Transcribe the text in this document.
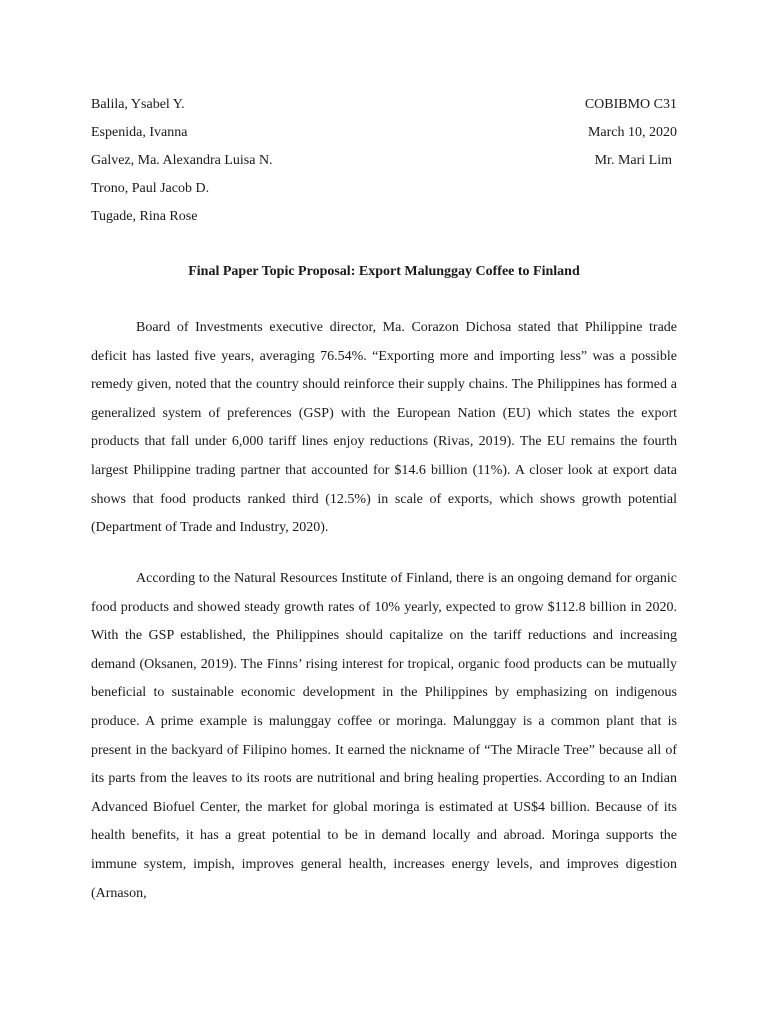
Balila, Ysabel Y.
Espenida, Ivanna
Galvez, Ma. Alexandra Luisa N.
Trono, Paul Jacob D.
Tugade, Rina Rose
COBIBMO C31
March 10, 2020
Mr. Mari Lim
Final Paper Topic Proposal: Export Malunggay Coffee to Finland

Board of Investments executive director, Ma. Corazon Dichosa stated that Philippine trade deficit has lasted five years, averaging 76.54%. “Exporting more and importing less” was a possible remedy given, noted that the country should reinforce their supply chains. The Philippines has formed a generalized system of preferences (GSP) with the European Nation (EU) which states the export products that fall under 6,000 tariff lines enjoy reductions (Rivas, 2019). The EU remains the fourth largest Philippine trading partner that accounted for $14.6 billion (11%). A closer look at export data shows that food products ranked third (12.5%) in scale of exports, which shows growth potential (Department of Trade and Industry, 2020).

According to the Natural Resources Institute of Finland, there is an ongoing demand for organic food products and showed steady growth rates of 10% yearly, expected to grow $112.8 billion in 2020. With the GSP established, the Philippines should capitalize on the tariff reductions and increasing demand (Oksanen, 2019). The Finns’ rising interest for tropical, organic food products can be mutually beneficial to sustainable economic development in the Philippines by emphasizing on indigenous produce. A prime example is malunggay coffee or moringa. Malunggay is a common plant that is present in the backyard of Filipino homes. It earned the nickname of “The Miracle Tree” because all of its parts from the leaves to its roots are nutritional and bring healing properties. According to an Indian Advanced Biofuel Center, the market for global moringa is estimated at US$4 billion. Because of its health benefits, it has a great potential to be in demand locally and abroad. Moringa supports the immune system, impish, improves general health, increases energy levels, and improves digestion (Arnason,
